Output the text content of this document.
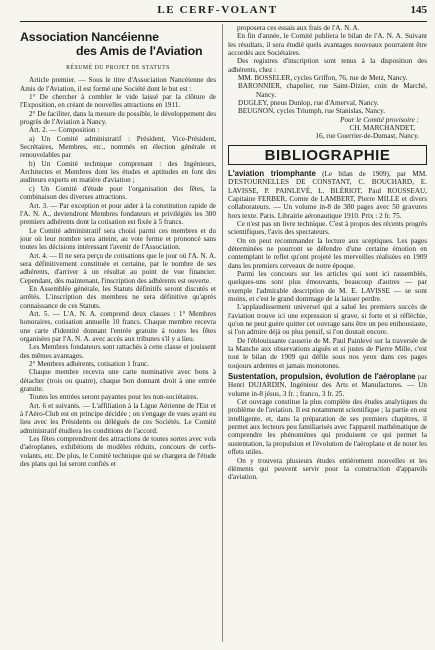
LE CERF-VOLANT	145
Association Nancéienne
des Amis de l'Aviation
RÉSUMÉ DU PROJET DE STATUTS

Article premier. — Sous le titre d'Association Nancéienne des Amis de l'Aviation, il est formé une Société dont le but est :

1° De chercher à combler le vide laissé par la clôture de l'Exposition, en créant de nouvelles attractions en 1911.

2° De faciliter, dans la mesure du possible, le développement des progrès de l'Aviation à Nancy.

Art. 2. — Composition :

a) Un Comité administratif : Président, Vice-Président, Secrétaires, Membres, etc., nommés en élection générale et renouvelables par

b) Un Comité technique comprenant : des Ingénieurs, Architectes et Membres dont les études et aptitudes en font des auditeurs experts en matière d'aviation ;

c) Un Comité d'étude pour l'organisation des fêtes, la combinaison des diverses attractions.

Art. 3. — Par exception et pour aider à la constitution rapide de l'A. N. A., deviendront Membres fondateurs et privilégiés les 300 premiers adhérents dont la cotisation est fixée à 5 francs.

Le Comité administratif sera choisi parmi ces membres et du jour où leur nombre sera atteint, au vote ferme et prononcé sans toutes les décisions intéressant l'avenir de l'Association.

Art. 4. — Il ne sera perçu de cotisations que le jour où l'A. N. A. sera définitivement constituée et certaine, par le nombre de ses adhérents, d'arriver à un résultat au point de vue financier. Cependant, dès maintenant, l'inscription des adhérents est ouverte.

En Assemblée générale, les Statuts définitifs seront discutés et arrêtés. L'inscription des membres ne sera définitive qu'après connaissance de ces Statuts.

Art. 5. — L'A. N. A. comprend deux classes : 1° Membres honoraires, cotisation annuelle 10 francs. Chaque membre recevra une carte d'identité donnant l'entrée gratuite à toutes les fêtes organisées par l'A. N. A. avec accès aux tribunes s'il y a lieu.

Les Membres fondateurs sont rattachés à cette classe et jouissent des mêmes avantages.

2° Membres adhérents, cotisation 1 franc.

Chaque membre recevra une carte nominative avec bons à détacher (trois ou quatre), chaque bon donnant droit à une entrée gratuite.

Toutes les entrées seront payantes pour les non-sociétaires.

Art. 6 et suivants. — L'affiliation à la Ligue Aérienne de l'Est et à l'Aéro-Club est en principe décidée ; on s'engage de vues ayant eu lieu avec les Présidents ou délégués de ces Sociétés. Le Comité administratif étudiera les conditions de l'accord.

Les fêtes comprendront des attractions de toutes sortes avec vols d'aéroplanes, exhibitions de modèles réduits, concours de cerfs-volants, etc. De plus, le Comité technique qui se chargera de l'étude des plans qui lui seront confiés et

proposera ces essais aux frais de l'A. N. A.

En fin d'année, le Comité publiera le bilan de l'A. N. A. Suivant les résultats, il sera étudié quels avantages nouveaux pourraient être accordés aux Sociétaires.

Des registres d'inscription sont tenus à la disposition des adhérents, chez :

MM. BOSSELER, cycles Griffon, 76, rue de Metz, Nancy.

BARONNIER, chapelier, rue Saint-Dizier, coin de Marché, Nancy.

DUGLEY, pneus Dunlop, rue d'Amerval, Nancy.

BEUGNON, cycles Triumph, rue Stanislas, Nancy.

Pour le Comité provisoire :

CH. MARCHANDET,

16, rue Guerrier-de-Dumast, Nancy.

BIBLIOGRAPHIE

L'aviation triomphante (Le bilan de 1909), par MM. D'ESTOURNELLES DE CONSTANT, C. BOUCHARD, E. LAVISSE, P. PAINLEVÉ, L. BLÉRIOT, Paul ROUSSEAU, Capitaine FERBER, Comte de LAMBERT, Pierre MILLE et divers collaborateurs. — Un volume in-8 de 380 pages avec 50 gravures hors texte. Paris. Librairie aéronautique 1910. Prix : 2 fr. 75.

Ce n'est pas un livre technique. C'est à propos des récents progrès scientifiques, l'avis des spectateurs.

On en peut recommander la lecture aux sceptiques. Les pages déterminées ne pourront se défendre d'une certaine émotion en contemplant le reflet qu'ont projeté les merveilles réalisées en 1909 dans les premiers cerveaux de notre époque.

Parmi les concours sur les articles qui sont ici rassemblés, quelques-uns sont plus émouvants, beaucoup d'autres — par exemple l'admirable description de M. E. LAVISSE — se sont moins, et c'est le grand dommage de la laisser perdre.

L'applaudissement universel qui a salué les premiers succès de l'aviation trouve ici une expression si grave, si forte et si réfléchie, qu'on ne peut guère quitter cet ouvrage sans être un peu enthousiaste, si l'on admire déjà ou plus pensif, si l'on doutait encore.

De l'éblouissante causerie de M. Paul Painlevé sur la traversée de la Manche aux observations aiguës et si justes de Pierre Mille, c'est tout le bilan de 1909 qui défile sous nos yeux dans ces pages toujours ardentes et jamais monotones.

Sustentation, propulsion, évolution de l'aéroplane par Henri DUJARDIN, Ingénieur des Arts et Manufactures. — Un volume in-8 jésus, 3 fr. ; franco, 3 fr. 25.

Cet ouvrage constitue la plus complète des études analytiques du problème de l'aviation. Il est notamment scientifique ; la partie en est intelligente, et, dans la préparation de ses premiers chapitres, il permet aux lecteurs peu familiarisés avec l'appareil mathématique de comprendre les phénomènes qui produisent ce qui permet la sustentation, la propulsion et l'évolution de l'aéroplane et de noter les effets utiles.

On y trouvera plusieurs études entièrement nouvelles et les éléments qui peuvent servir pour la construction d'appareils d'aviation.
